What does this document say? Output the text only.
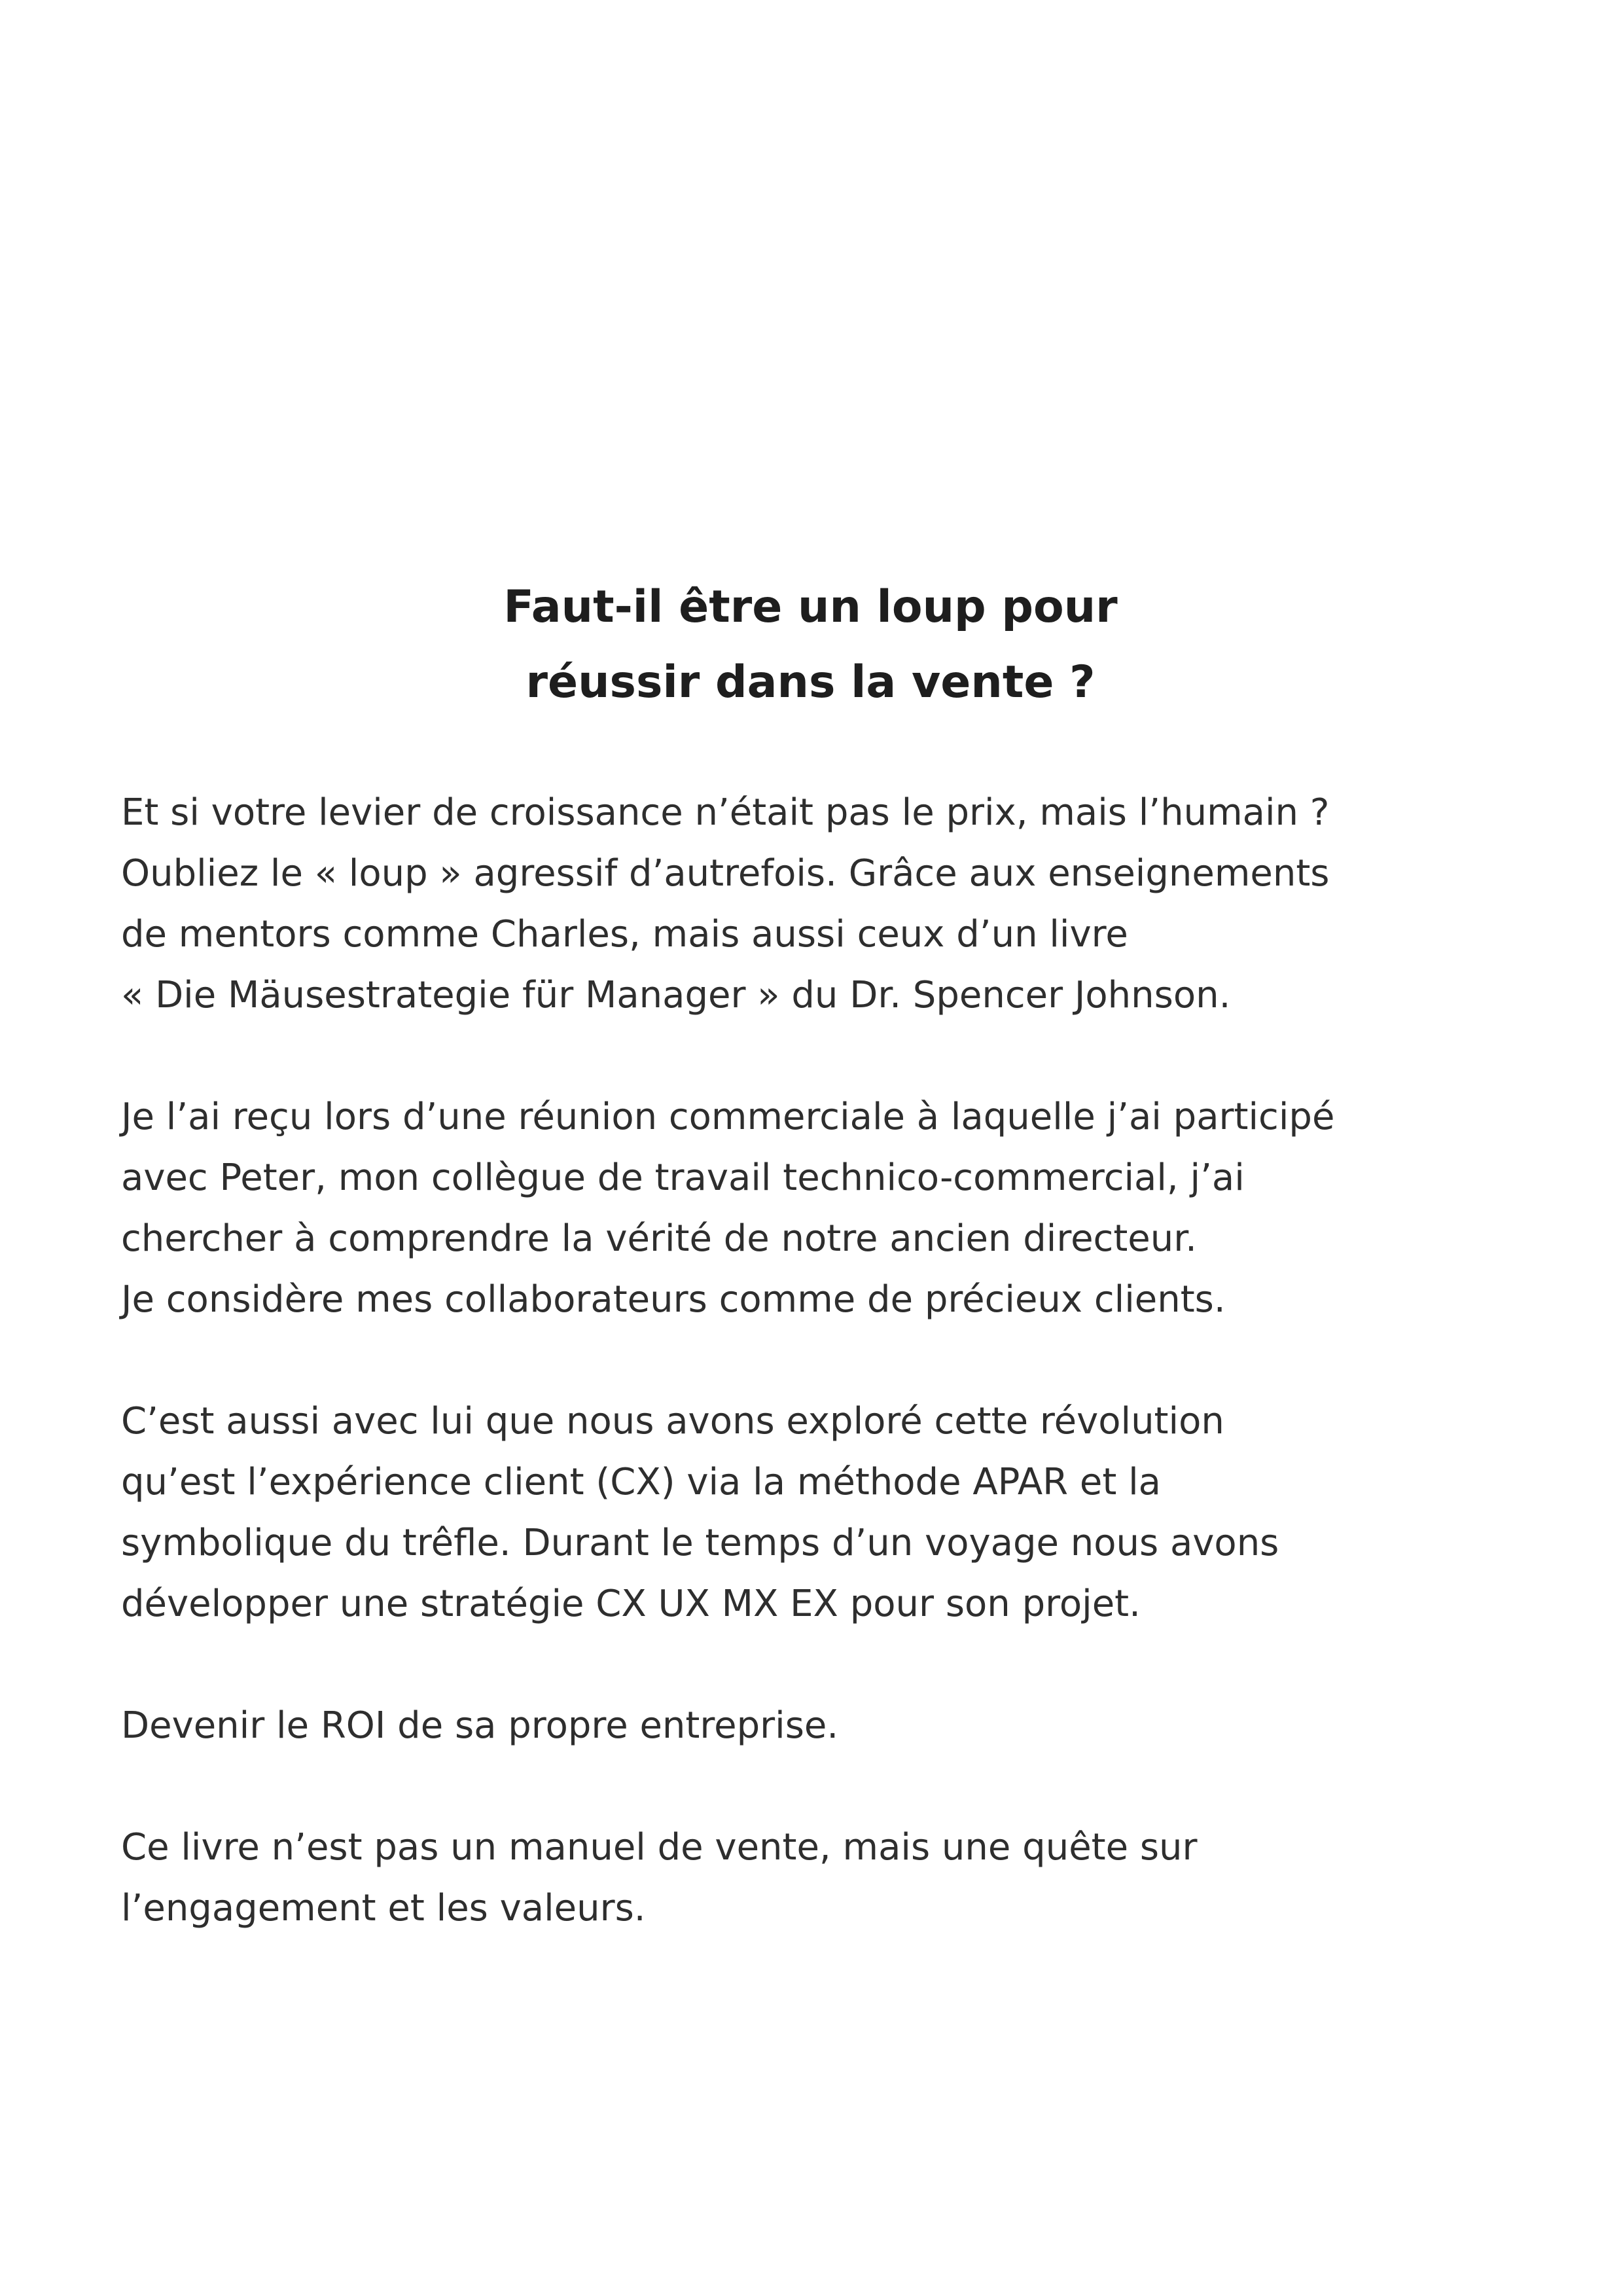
Faut-il être un loup pour
réussir dans la vente ?

Et si votre levier de croissance n’était pas le prix, mais l’humain ?
Oubliez le « loup » agressif d’autrefois. Grâce aux enseignements
de mentors comme Charles, mais aussi ceux d’un livre
« Die Mäusestrategie für Manager » du Dr. Spencer Johnson.

Je l’ai reçu lors d’une réunion commerciale à laquelle j’ai participé
avec Peter, mon collègue de travail technico-commercial, j’ai
chercher à comprendre la vérité de notre ancien directeur.
Je considère mes collaborateurs comme de précieux clients.

C’est aussi avec lui que nous avons exploré cette révolution
qu’est l’expérience client (CX) via la méthode APAR et la
symbolique du trêfle. Durant le temps d’un voyage nous avons
développer une stratégie CX UX MX EX pour son projet.

Devenir le ROI de sa propre entreprise.

Ce livre n’est pas un manuel de vente, mais une quête sur
l’engagement et les valeurs.
